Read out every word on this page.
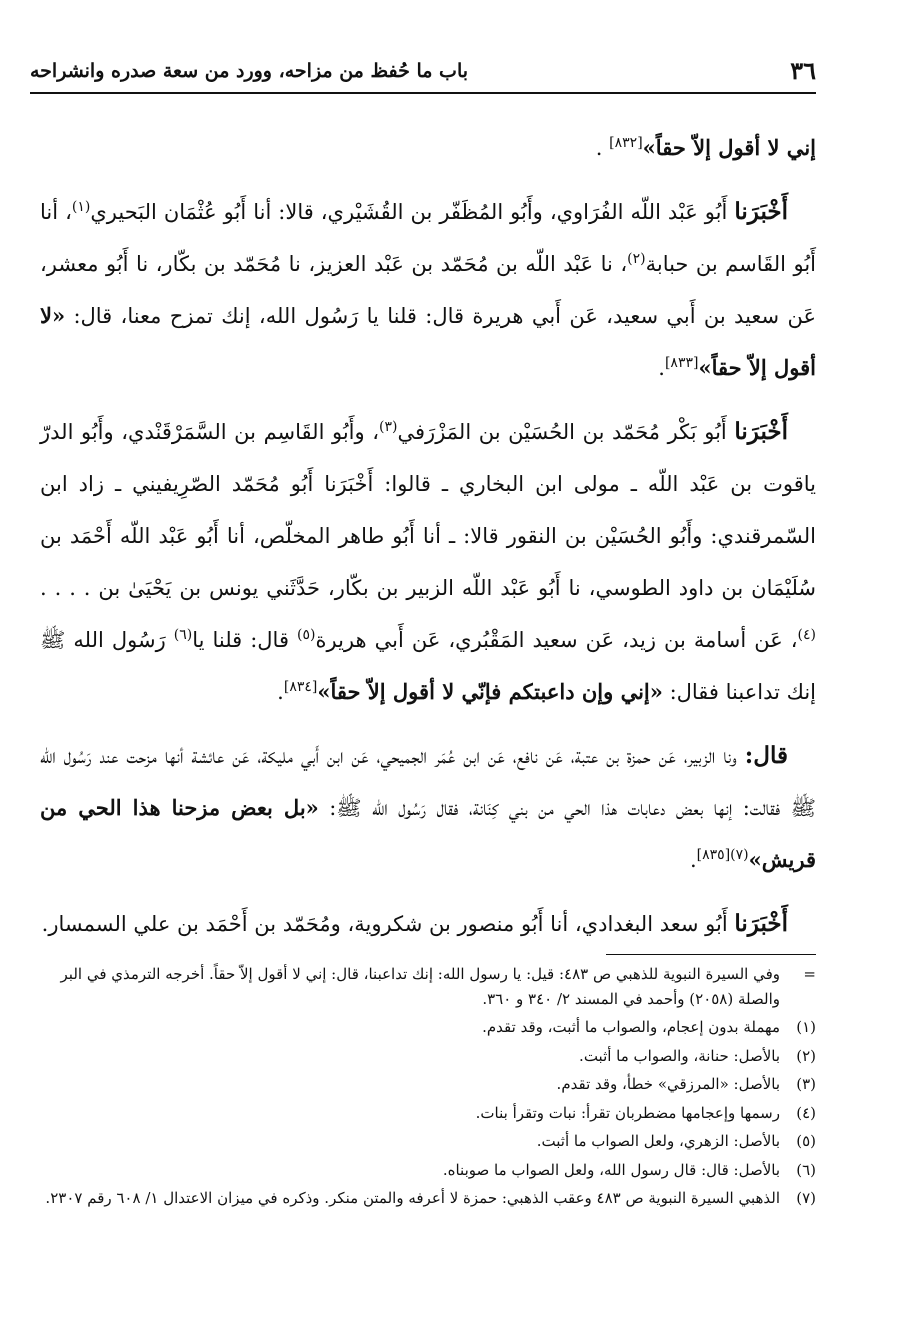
٣٦
باب ما حُفظ من مزاحه، وورد من سعة صدره وانشراحه

إني لا أقول إلاّ حقاً»[٨٣٢] .

أَخْبَرَنا أَبُو عَبْد اللّه الفُرَاوي، وأَبُو المُظَفّر بن القُشَيْري، قالا: أنا أَبُو عُثْمَان البَحيري$^{(١)}$، أنا أَبُو القَاسم بن حبابة$^{(٢)}$، نا عَبْد اللّه بن مُحَمّد بن عَبْد العزيز، نا مُحَمّد بن بكّار، نا أَبُو معشر، عَن سعيد بن أَبي سعيد، عَن أَبي هريرة قال: قلنا يا رَسُول الله، إنك تمزح معنا، قال: «لا أقول إلاّ حقاً»[٨٣٣].

أَخْبَرَنا أَبُو بَكْر مُحَمّد بن الحُسَيْن بن المَزْرَفي$^{(٣)}$، وأَبُو القَاسِم بن السَّمَرْقَنْدي، وأَبُو الدرّ ياقوت بن عَبْد اللّه ـ مولى ابن البخاري ـ قالوا: أَخْبَرَنا أَبُو مُحَمّد الصّرِيفيني ـ زاد ابن السّمرقندي: وأَبُو الحُسَيْن بن النقور قالا: ـ أنا أَبُو طاهر المخلّص، أنا أَبُو عَبْد اللّه أَحْمَد بن سُلَيْمَان بن داود الطوسي، نا أَبُو عَبْد اللّه الزبير بن بكّار، حَدَّثَني يونس بن يَحْيَىٰ بن . . . .$^{(٤)}$، عَن أسامة بن زيد، عَن سعيد المَقْبُري، عَن أَبي هريرة$^{(٥)}$ قال: قلنا يا$^{(٦)}$ رَسُول الله ﷺ إنك تداعبنا فقال: «إني وإن داعبتكم فإنّي لا أقول إلاّ حقاً»[٨٣٤].

قال: ونا الزبير، عَن حمزة بن عتبة، عَن نافع، عَن ابن عُمَر الجميحي، عَن ابن أَبي مليكة، عَن عائشة أنها مزحت عند رَسُول الله ﷺ فقالت: إنها بعض دعابات هذا الحي من بني كِنَانة، فقال رَسُول الله ﷺ: «بل بعض مزحنا هذا الحي من قريش»$^{(٧)[٨٣٥]}$.

أَخْبَرَنا أَبُو سعد البغدادي، أنا أَبُو منصور بن شكروية، ومُحَمّد بن أَحْمَد بن علي السمسار.

=
وفي السيرة النبوية للذهبي ص ٤٨٣: قيل: يا رسول الله: إنك تداعبنا، قال: إني لا أقول إلاّ حقاً. أخرجه الترمذي في البر والصلة (٢٠٥٨) وأحمد في المسند ٢/ ٣٤٠ و ٣٦٠.
(١)
مهملة بدون إعجام، والصواب ما أثبت، وقد تقدم.
(٢)
بالأصل: حنانة، والصواب ما أثبت.
(٣)
بالأصل: «المرزقي» خطأ، وقد تقدم.
(٤)
رسمها وإعجامها مضطربان تقرأ: نبات وتقرأ بنات.
(٥)
بالأصل: الزهري، ولعل الصواب ما أثبت.
(٦)
بالأصل: قال: قال رسول الله، ولعل الصواب ما صوبناه.
(٧)
الذهبي السيرة النبوية ص ٤٨٣ وعقب الذهبي: حمزة لا أعرفه والمتن منكر. وذكره في ميزان الاعتدال ١/ ٦٠٨ رقم ٢٣٠٧.
